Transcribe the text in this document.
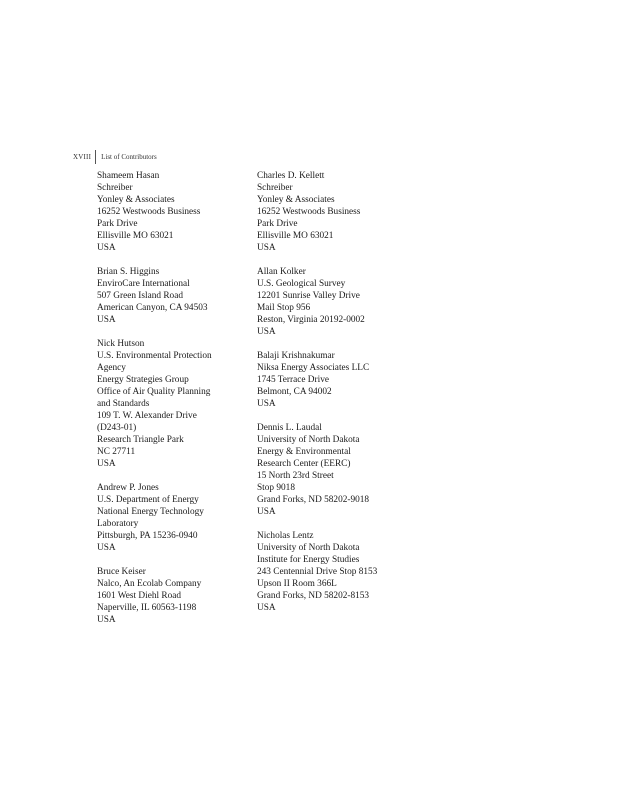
XVIII	List of Contributors
Shameem Hasan
Schreiber
Yonley & Associates
16252 Westwoods Business
Park Drive
Ellisville MO 63021
USA
Brian S. Higgins
EnviroCare International
507 Green Island Road
American Canyon, CA 94503
USA
Nick Hutson
U.S. Environmental Protection
Agency
Energy Strategies Group
Office of Air Quality Planning
and Standards
109 T. W. Alexander Drive
(D243-01)
Research Triangle Park
NC 27711
USA
Andrew P. Jones
U.S. Department of Energy
National Energy Technology
Laboratory
Pittsburgh, PA 15236-0940
USA
Bruce Keiser
Nalco, An Ecolab Company
1601 West Diehl Road
Naperville, IL 60563-1198
USA
Charles D. Kellett
Schreiber
Yonley & Associates
16252 Westwoods Business
Park Drive
Ellisville MO 63021
USA
Allan Kolker
U.S. Geological Survey
12201 Sunrise Valley Drive
Mail Stop 956
Reston, Virginia 20192-0002
USA
Balaji Krishnakumar
Niksa Energy Associates LLC
1745 Terrace Drive
Belmont, CA 94002
USA
Dennis L. Laudal
University of North Dakota
Energy & Environmental
Research Center (EERC)
15 North 23rd Street
Stop 9018
Grand Forks, ND 58202-9018
USA
Nicholas Lentz
University of North Dakota
Institute for Energy Studies
243 Centennial Drive Stop 8153
Upson II Room 366L
Grand Forks, ND 58202-8153
USA
